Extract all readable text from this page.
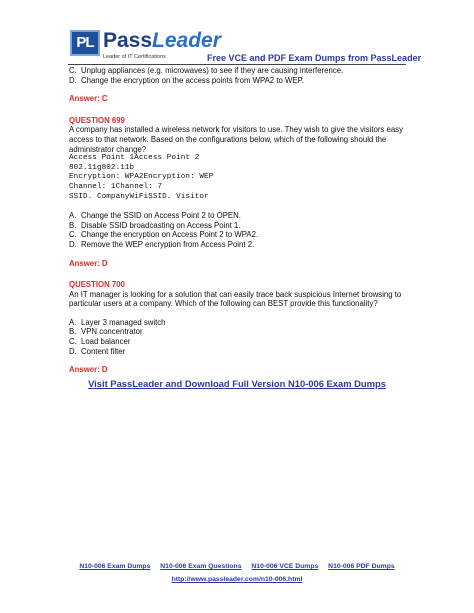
PL PassLeader
Leader of IT Certifications	Free VCE and PDF Exam Dumps from PassLeader
C. Unplug appliances (e.g. microwaves) to see if they are causing interference.
D. Change the encryption on the access points from WPA2 to WEP.
Answer: C
QUESTION 699
A company has installed a wireless network for visitors to use. They wish to give the visitors easy
access to that network. Based on the configurations below, which of the following should the
administrator change?
Access Point 1Access Point 2
802.11g802.11b
Encryption: WPA2Encryption: WEP
Channel: 1Channel: 7
SSID. CompanyWiFiSSID. Visitor
A. Change the SSID on Access Point 2 to OPEN.
B. Disable SSID broadcasting on Access Point 1.
C. Change the encryption on Access Point 2 to WPA2.
D. Remove the WEP encryption from Access Point 2.
Answer: D
QUESTION 700
An IT manager is looking for a solution that can easily trace back suspicious Internet browsing to
particular users at a company. Which of the following can BEST provide this functionality?
A. Layer 3 managed switch
B. VPN concentrator
C. Load balancer
D. Content filter
Answer: D
Visit PassLeader and Download Full Version N10-006 Exam Dumps
N10-006 Exam Dumps N10-006 Exam Questions N10-006 VCE Dumps N10-006 PDF Dumps
http://www.passleader.com/n10-006.html
